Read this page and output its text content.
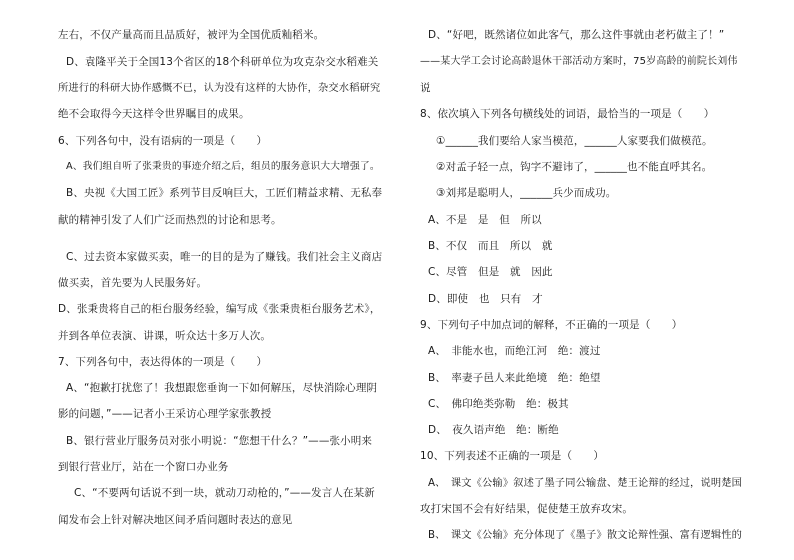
左右，不仅产量高而且品质好，被评为全国优质籼稻米。
D、袁隆平关于全国13个省区的18个科研单位为攻克杂交水稻难关
所进行的科研大协作感慨不已，认为没有这样的大协作，杂交水稻研究
绝不会取得今天这样令世界瞩目的成果。
6、下列各句中，没有语病的一项是（　　）
A、我们组自听了张秉贵的事迹介绍之后，组员的服务意识大大增强了。
B、央视《大国工匠》系列节目反响巨大，工匠们精益求精、无私奉
献的精神引发了人们广泛而热烈的讨论和思考。
C、过去资本家做买卖，唯一的目的是为了赚钱。我们社会主义商店
做买卖，首先要为人民服务好。
D、张秉贵将自己的柜台服务经验，编写成《张秉贵柜台服务艺术》，
并到各单位表演、讲课，听众达十多万人次。
7、下列各句中，表达得体的一项是（　　）
A、“抱歉打扰您了！我想跟您垂询一下如何解压，尽快消除心理阴
影的问题，”——记者小王采访心理学家张教授
B、银行营业厅服务员对张小明说：“您想干什么？”——张小明来
到银行营业厅，站在一个窗口办业务
C、“不要两句话说不到一块，就动刀动枪的，”——发言人在某新
闻发布会上针对解决地区间矛盾问题时表达的意见
D、“好吧，既然诸位如此客气，那么这件事就由老朽做主了！”
——某大学工会讨论高龄退休干部活动方案时，75岁高龄的前院长刘伟
说
8、依次填入下列各句横线处的词语，最恰当的一项是（　　）
①______我们要给人家当模范，______人家要我们做模范。
②对孟子轻一点，钩字不避讳了，______也不能直呼其名。
③刘邦是聪明人，______兵少而成功。
A、不是　是　但　所以
B、不仅　而且　所以　就
C、尽管　但是　就　因此
D、即使　也　只有　才
9、下列句子中加点词的解释，不正确的一项是（　　）
A、　非能水也，而绝江河　绝：渡过
B、　率妻子邑人来此绝境　绝：绝望
C、　佛印绝类弥勒　绝：极其
D、　夜久语声绝　绝：断绝
10、下列表述不正确的一项是（　　）
A、　课文《公输》叙述了墨子同公输盘、楚王论辩的经过，说明楚国
攻打宋国不会有好结果，促使楚王放弃攻宋。
B、　课文《公输》充分体现了《墨子》散文论辩性强、富有逻辑性的
